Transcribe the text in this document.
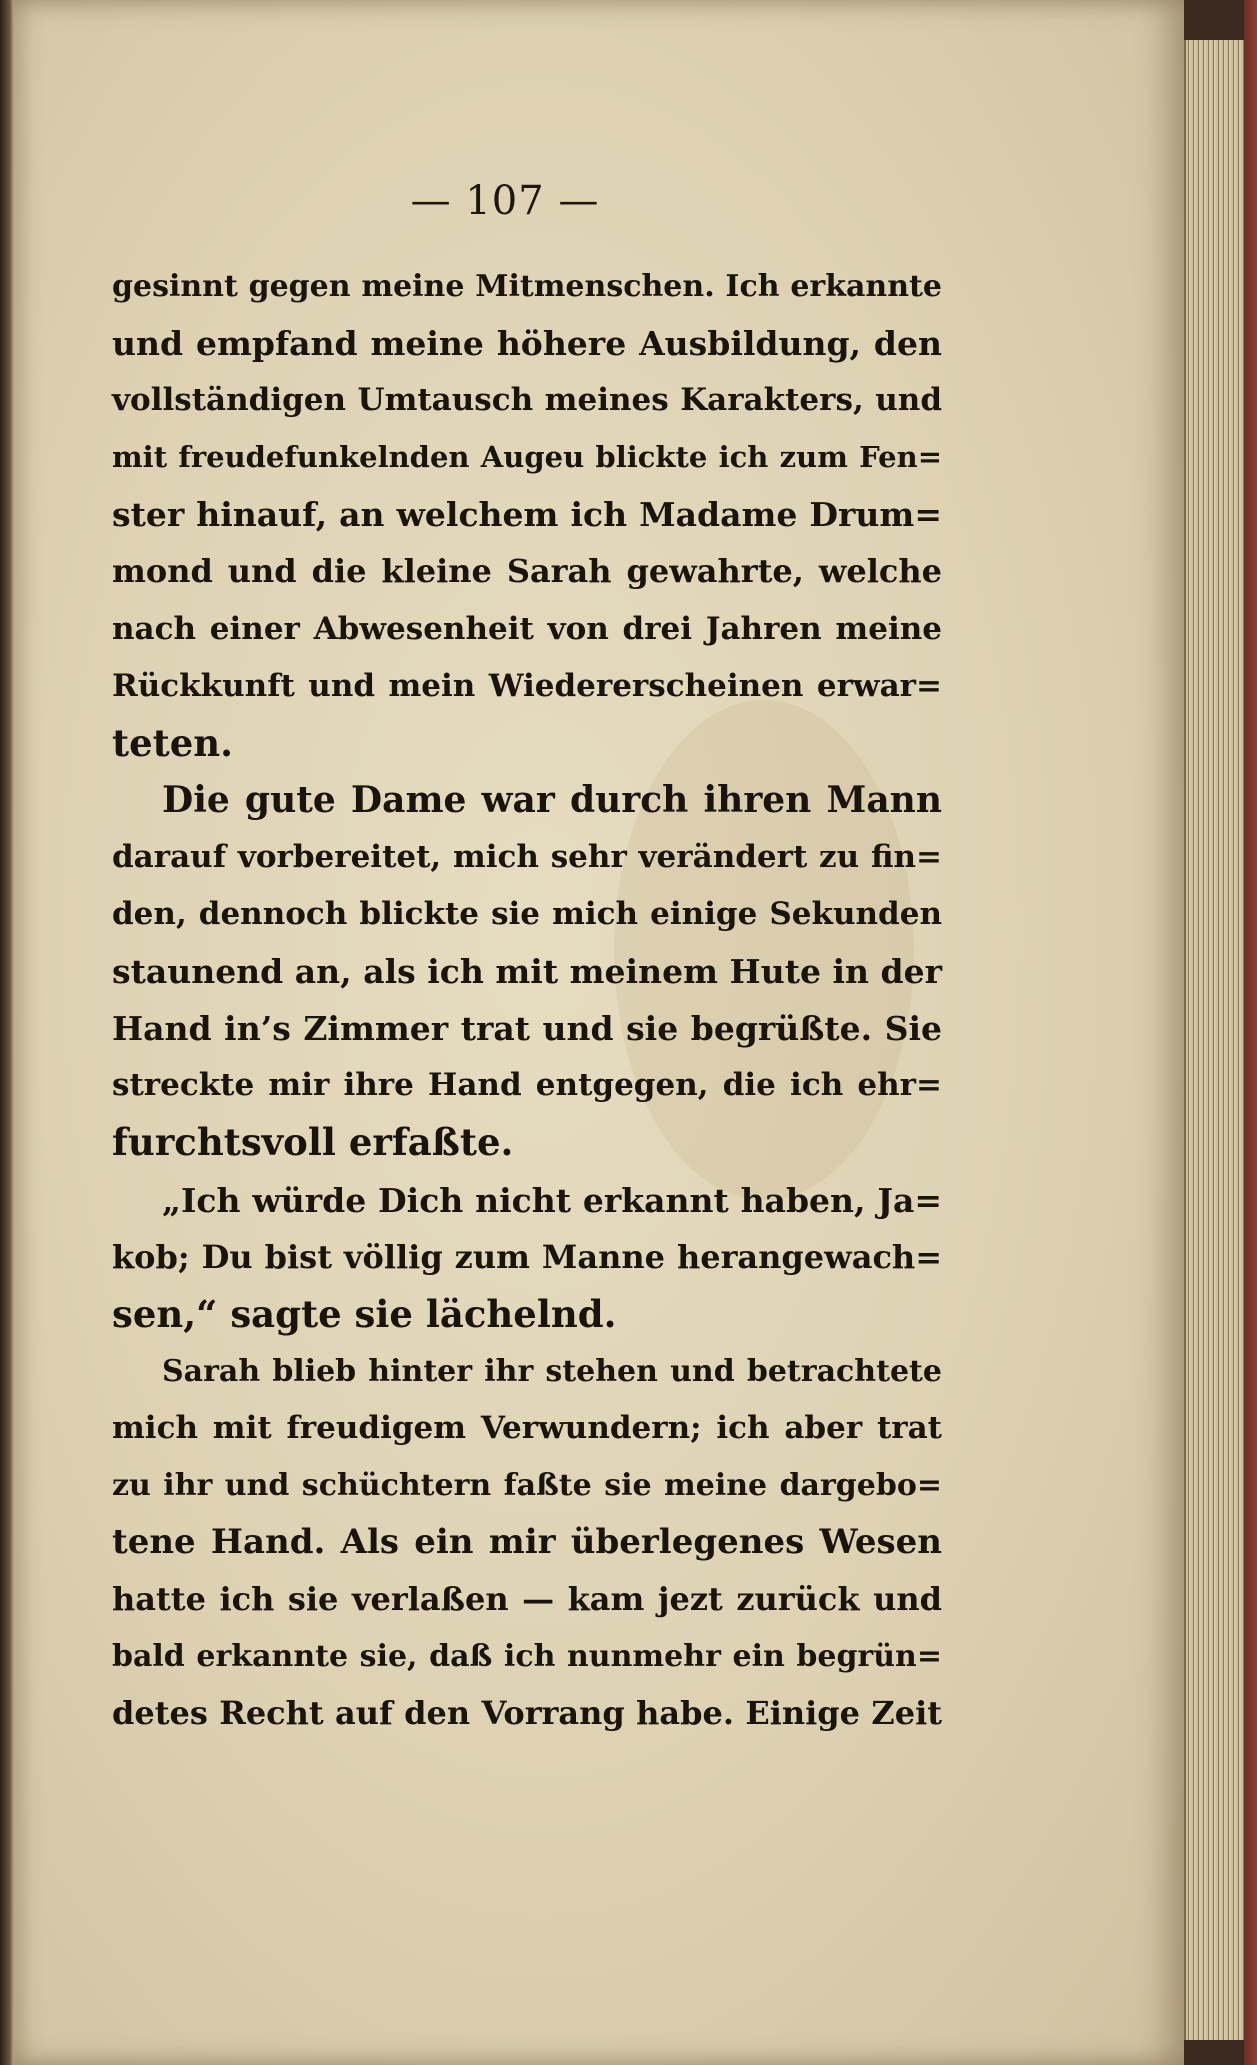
— 107 —
gesinnt gegen meine Mitmenschen. Ich erkannte
und empfand meine höhere Ausbildung, den
vollständigen Umtausch meines Karakters, und
mit freudefunkelnden Augeu blickte ich zum Fen=
ster hinauf, an welchem ich Madame Drum=
mond und die kleine Sarah gewahrte, welche
nach einer Abwesenheit von drei Jahren meine
Rückkunft und mein Wiedererscheinen erwar=
teten.
Die gute Dame war durch ihren Mann
darauf vorbereitet, mich sehr verändert zu fin=
den, dennoch blickte sie mich einige Sekunden
staunend an, als ich mit meinem Hute in der
Hand in’s Zimmer trat und sie begrüßte. Sie
streckte mir ihre Hand entgegen, die ich ehr=
furchtsvoll erfaßte.
„Ich würde Dich nicht erkannt haben, Ja=
kob; Du bist völlig zum Manne herangewach=
sen,“ sagte sie lächelnd.
Sarah blieb hinter ihr stehen und betrachtete
mich mit freudigem Verwundern; ich aber trat
zu ihr und schüchtern faßte sie meine dargebo=
tene Hand. Als ein mir überlegenes Wesen
hatte ich sie verlaßen — kam jezt zurück und
bald erkannte sie, daß ich nunmehr ein begrün=
detes Recht auf den Vorrang habe. Einige Zeit
